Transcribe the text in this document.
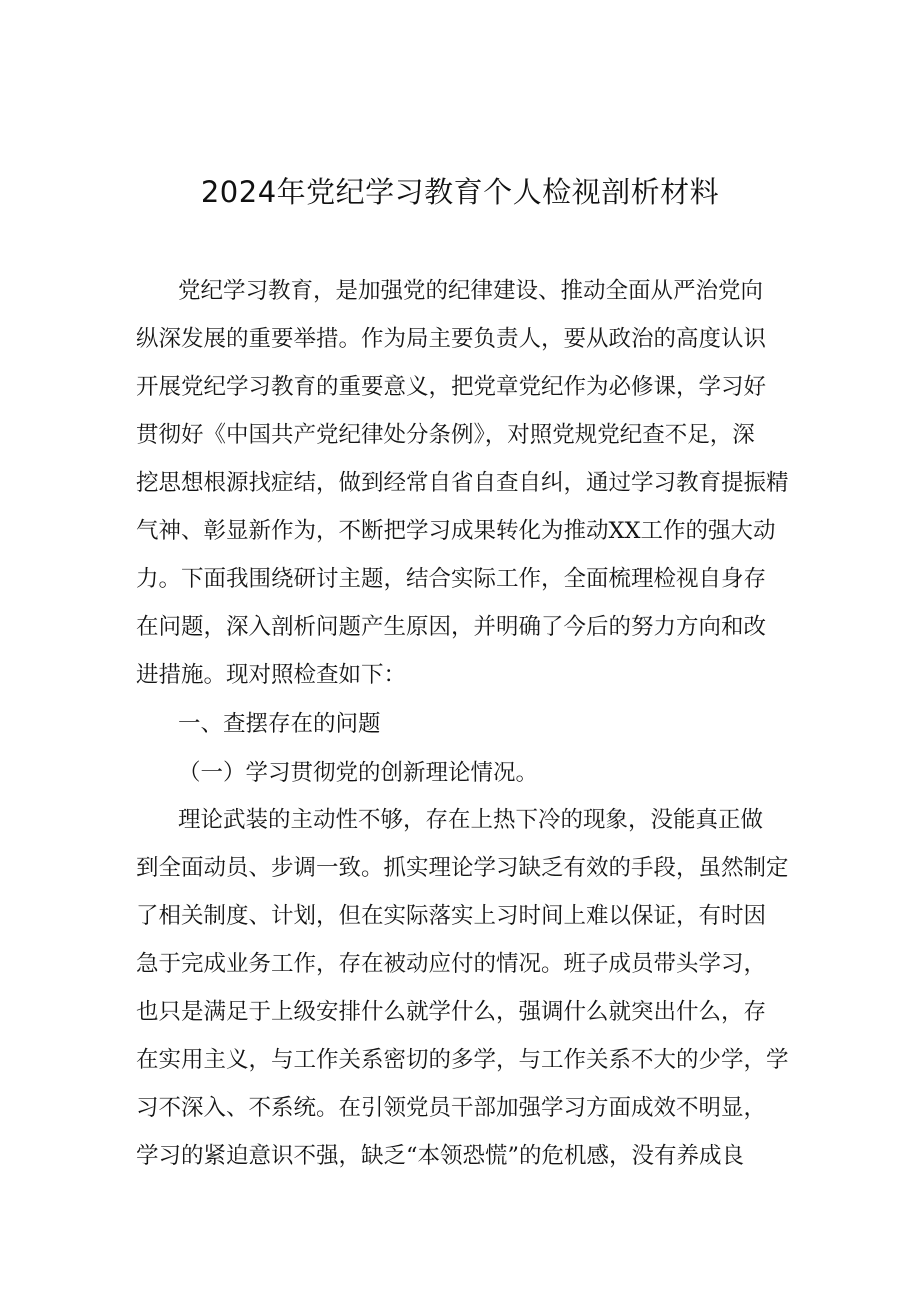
2024年党纪学习教育个人检视剖析材料
党纪学习教育，是加强党的纪律建设、推动全面从严治党向
纵深发展的重要举措。作为局主要负责人，要从政治的高度认识
开展党纪学习教育的重要意义，把党章党纪作为必修课，学习好
贯彻好《中国共产党纪律处分条例》，对照党规党纪查不足，深
挖思想根源找症结，做到经常自省自查自纠，通过学习教育提振精
气神、彰显新作为，不断把学习成果转化为推动XX工作的强大动
力。下面我围绕研讨主题，结合实际工作，全面梳理检视自身存
在问题，深入剖析问题产生原因，并明确了今后的努力方向和改
进措施。现对照检查如下：
一、查摆存在的问题
（一）学习贯彻党的创新理论情况。
理论武装的主动性不够，存在上热下冷的现象，没能真正做
到全面动员、步调一致。抓实理论学习缺乏有效的手段，虽然制定
了相关制度、计划，但在实际落实上习时间上难以保证，有时因
急于完成业务工作，存在被动应付的情况。班子成员带头学习，
也只是满足于上级安排什么就学什么，强调什么就突出什么，存
在实用主义，与工作关系密切的多学，与工作关系不大的少学，学
习不深入、不系统。在引领党员干部加强学习方面成效不明显，
学习的紧迫意识不强，缺乏“本领恐慌”的危机感，没有养成良
